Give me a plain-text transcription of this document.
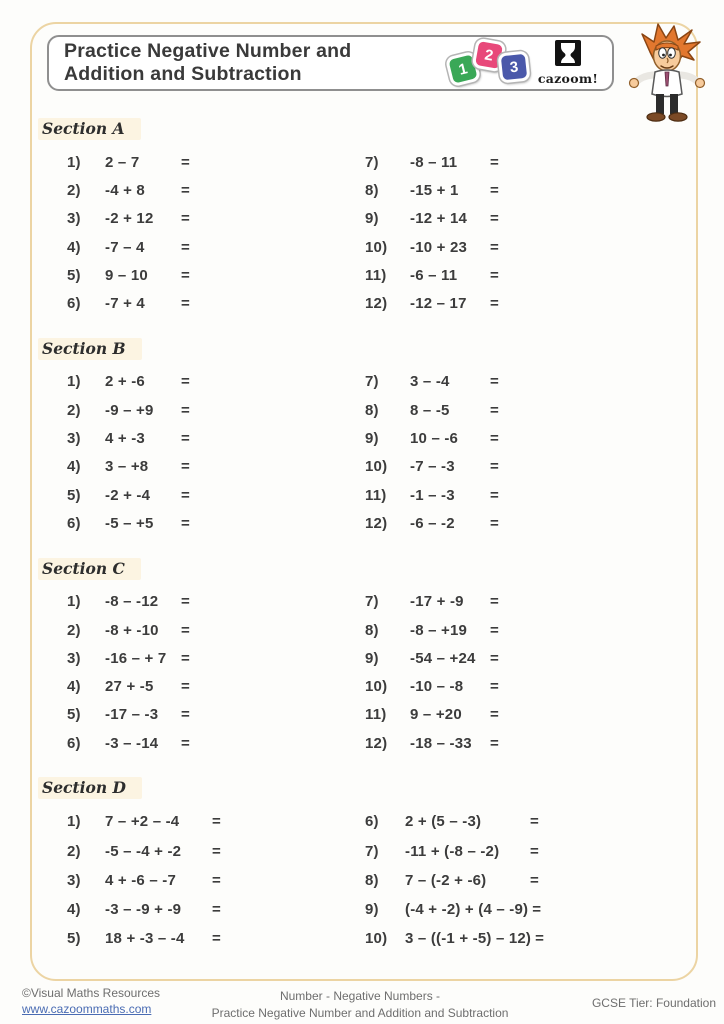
Practice Negative Number and
Addition and Subtraction	1
2
3
cazoom!
Section A
1)	2 – 7	=
2)	-4 + 8	=
3)	-2 + 12	=
4)	-7 – 4	=
5)	9 – 10	=
6)	-7 + 4	=
7)	-8 – 11	=
8)	-15 + 1	=
9)	-12 + 14	=
10)	-10 + 23	=
11)	-6 – 11	=
12)	-12 – 17	=
Section B
1)	2 + -6	=
2)	-9 – +9	=
3)	4 + -3	=
4)	3 – +8	=
5)	-2 + -4	=
6)	-5 – +5	=
7)	3 – -4	=
8)	8 – -5	=
9)	10 – -6	=
10)	-7 – -3	=
11)	-1 – -3	=
12)	-6 – -2	=
Section C
1)	-8 – -12	=
2)	-8 + -10	=
3)	-16 – + 7 =
4)	27 + -5	=
5)	-17 – -3	=
6)	-3 – -14	=
7)	-17 + -9	=
8)	-8 – +19	=
9)	-54 – +24 =
10)	-10 – -8	=
11)	9 – +20	=
12)	-18 – -33	=
Section D
1)	7 – +2 – -4	=
2)	-5 – -4 + -2	=
3)	4 + -6 – -7	=
4)	-3 – -9 + -9	=
5)	18 + -3 – -4	=
6)	2 + (5 – -3)	=
7)	-11 + (-8 – -2)	=
8)	7 – (-2 + -6)	=
9)	(-4 + -2) + (4 – -9) =
10)	3 – ((-1 + -5) – 12) =
©Visual Maths Resources
www.cazoommaths.com
Number - Negative Numbers -
Practice Negative Number and Addition and Subtraction
GCSE Tier: Foundation
